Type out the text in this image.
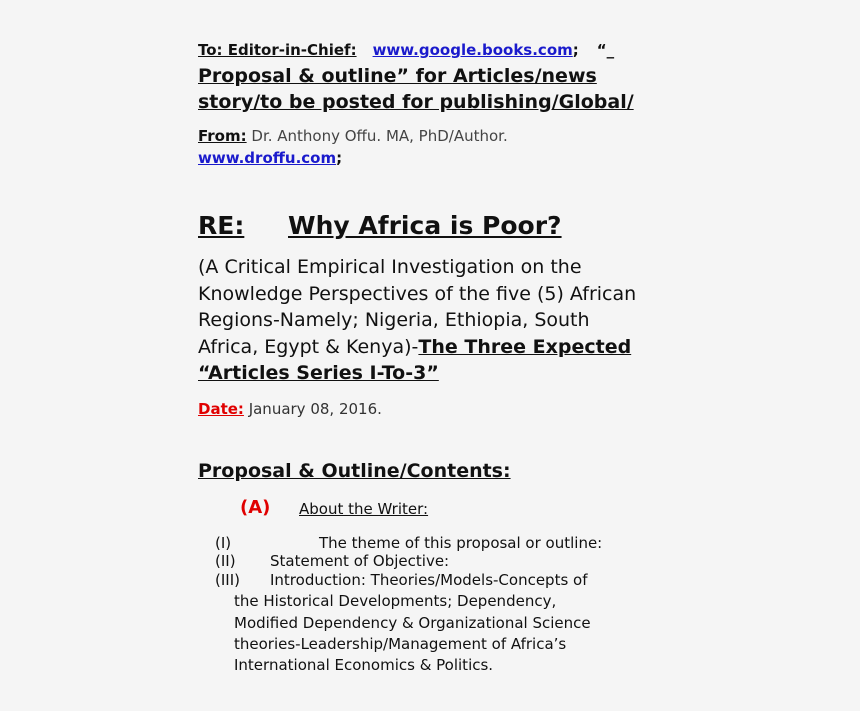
To: Editor-in-Chief: www.google.books.com; “_
Proposal & outline” for Articles/news
story/to be posted for publishing/Global/
From: Dr. Anthony Offu. MA, PhD/Author.
www.droffu.com;
RE: Why Africa is Poor?
(A Critical Empirical Investigation on the
Knowledge Perspectives of the five (5) African
Regions-Namely; Nigeria, Ethiopia, South
Africa, Egypt & Kenya)-The Three Expected
“Articles Series I-To-3”
Date: January 08, 2016.
Proposal & Outline/Contents:
(A) About the Writer:
(I)	The theme of this proposal or outline:
(II) Statement of Objective:
(III) Introduction: Theories/Models-Concepts of
the Historical Developments; Dependency,
Modified Dependency & Organizational Science
theories-Leadership/Management of Africa’s
International Economics & Politics.
